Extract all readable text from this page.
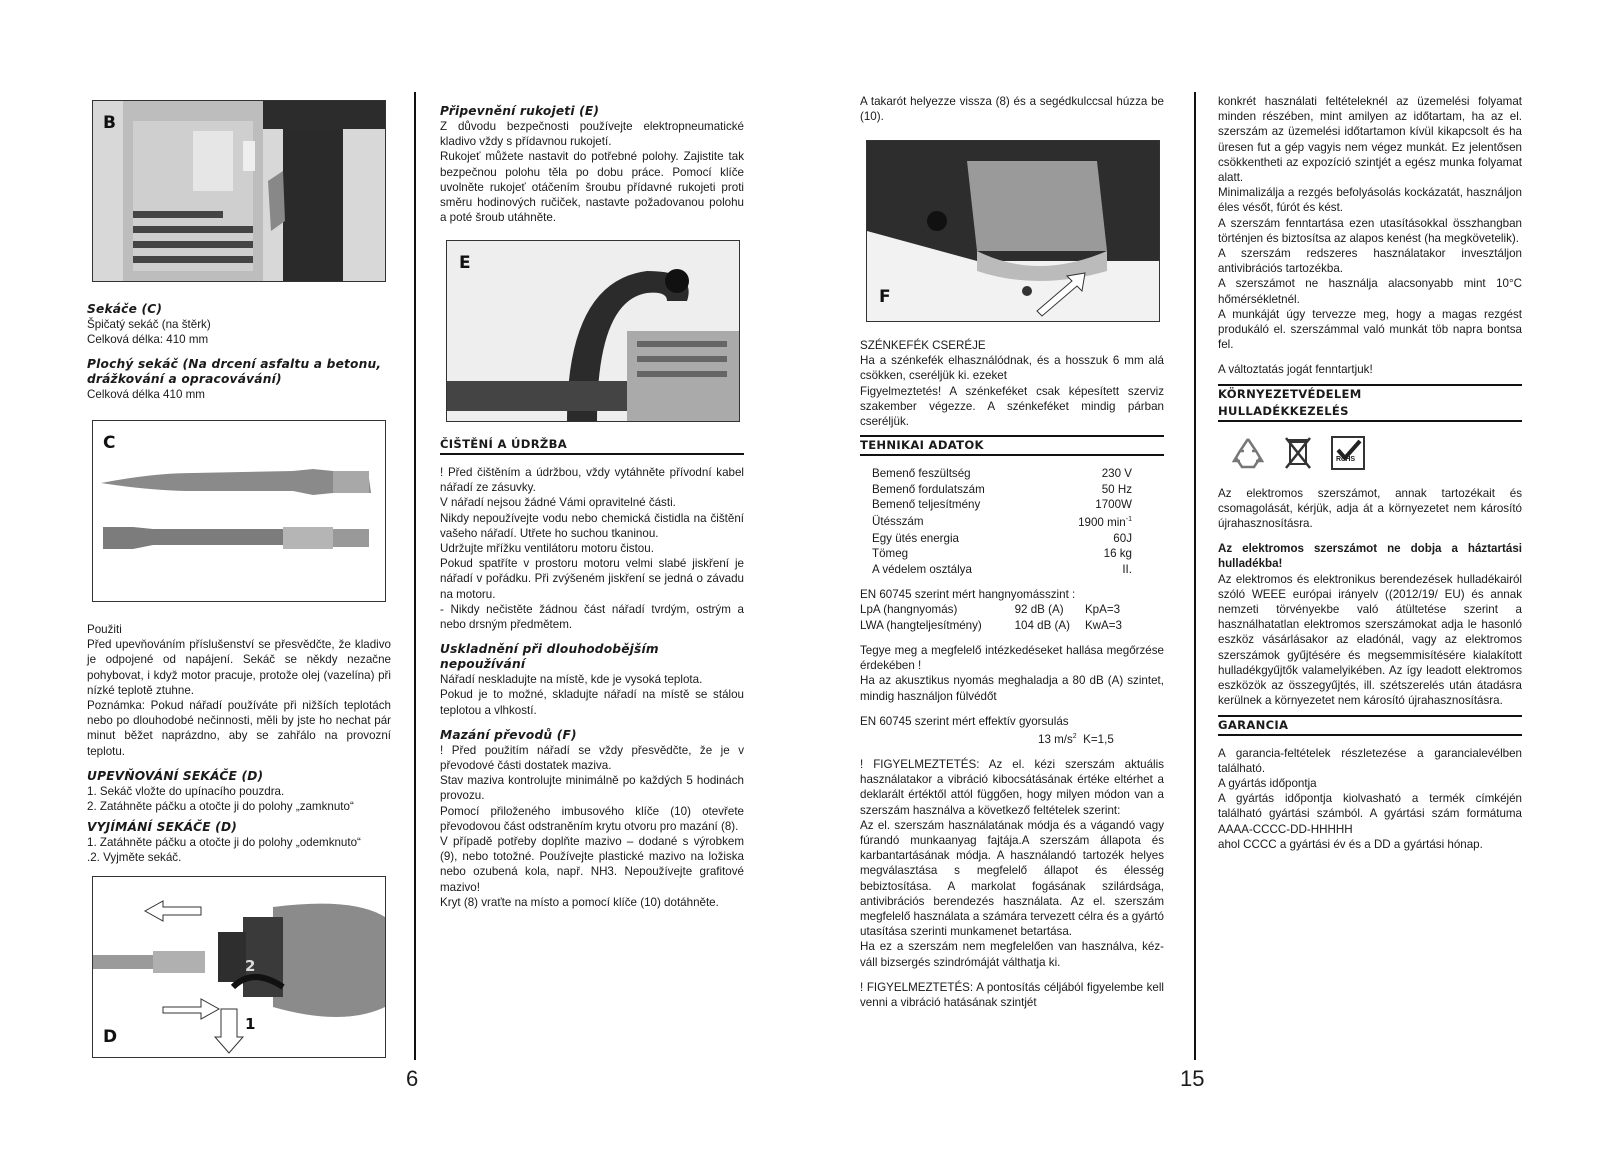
B
Sekáče (C)

Špičatý sekáč (na štěrk)

Celková délka: 410 mm

Plochý sekáč (Na drcení asfaltu a betonu,
drážkování a opracovávání)

Celková délka 410 mm

C

Použiti

Před upevňováním příslušenství se přesvědčte, že kladivo je odpojené od napájení. Sekáč se někdy nezačne pohybovat, i když motor pracuje, protože olej (vazelína) při nízké teplotě ztuhne.

Poznámka: Pokud nářadí používáte při nižších teplotách nebo po dlouhodobé nečinnosti, měli by jste ho nechat pár minut běžet naprázdno, aby se zahřálo na provozní teplotu.

UPEVŇOVÁNÍ SEKÁČE (D)

1. Sekáč vložte do upínacího pouzdra.

2. Zatáhněte páčku a otočte ji do polohy „zamknuto“

VYJÍMÁNÍ SEKÁČE (D)

1. Zatáhněte páčku a otočte ji do polohy „odemknuto“

.2. Vyjměte sekáč.

D
2
1
6
Připevnění rukojeti (E)

Z důvodu bezpečnosti používejte elektropneumatické kladivo vždy s přídavnou rukojetí.

Rukojeť můžete nastavit do potřebné polohy. Zajistite tak bezpečnou polohu těla po dobu práce. Pomocí klíče uvolněte rukojeť otáčením šroubu přídavné rukojeti proti směru hodinových ručiček, nastavte požadovanou polohu a poté šroub utáhněte.

E
ČIŠTĚNÍ A ÚDRŽBA

! Před čištěním a údržbou, vždy vytáhněte přívodní kabel nářadí ze zásuvky.

V nářadí nejsou žádné Vámi opravitelné části.

Nikdy nepoužívejte vodu nebo chemická čistidla na čištění vašeho nářadí. Utřete ho suchou tkaninou.

Udržujte mřížku ventilátoru motoru čistou.

Pokud spatříte v prostoru motoru velmi slabé jiskření je nářadí v pořádku. Při zvýšeném jiskření se jedná o závadu na motoru.

- Nikdy nečistěte žádnou část nářadí tvrdým, ostrým a nebo drsným předmětem.

Uskladnění při dlouhodobějším
nepoužívání

Nářadí neskladujte na místě, kde je vysoká teplota.

Pokud je to možné, skladujte nářadí na místě se stálou teplotou a vlhkostí.

Mazání převodů (F)

! Před použitím nářadí se vždy přesvědčte, že je v převodové části dostatek maziva.

Stav maziva kontrolujte minimálně po každých 5 hodinách provozu.

Pomocí přiloženého imbusového klíče (10) otevřete převodovou část odstraněním krytu otvoru pro mazání (8).

V případě potřeby doplňte mazivo – dodané s výrobkem (9), nebo totožné. Používejte plastické mazivo na ložiska nebo ozubená kola, např. NH3. Nepoužívejte grafitové mazivo!

Kryt (8) vraťte na místo a pomocí klíče (10) dotáhněte.

A takarót helyezze vissza (8) és a segédkulccsal húzza be (10).

F

SZÉNKEFÉK CSERÉJE

Ha a szénkefék elhasználódnak, és a hosszuk 6 mm alá csökken, cseréljük ki. ezeket

Figyelmeztetés! A szénkeféket csak képesített szerviz szakember végezze. A szénkeféket mindig párban cseréljük.

TEHNIKAI ADATOK
Bemenő feszültség	230 V
Bemenő fordulatszám	50 Hz
Bemenő teljesítmény	1700W
Ütésszám	1900 $\min^{-1}$
Egy ütés energia	60J
Tömeg	16 kg
A védelem osztálya	II.

EN 60745 szerint mért hangnyomásszint :

LpA (hangnyomás)	92 dB (A)	KpA=3
LWA (hangteljesítmény)	104 dB (A)	KwA=3

Tegye meg a megfelelő intézkedéseket hallása megőrzése érdekében !

Ha az akusztikus nyomás meghaladja a 80 dB (A) szintet, mindig használjon fülvédőt

EN 60745 szerint mért effektív gyorsulás

13 $m/s^2$ K=1,5

! FIGYELMEZTETÉS: Az el. kézi szerszám aktuális használatakor a vibráció kibocsátásának értéke eltérhet a deklarált értéktől attól függően, hogy milyen módon van a szerszám használva a következő feltételek szerint:

Az el. szerszám használatának módja és a vágandó vagy fúrandó munkaanyag fajtája.A szerszám állapota és karbantartásának módja. A használandó tartozék helyes megválasztása s megfelelő állapot és élesség bebiztosítása. A markolat fogásának szilárdsága, antivibrációs berendezés használata. Az el. szerszám megfelelő használata a számára tervezett célra és a gyártó utasítása szerinti munkamenet betartása.

Ha ez a szerszám nem megfelelően van használva, kéz-váll bizsergés szindrómáját válthatja ki.

! FIGYELMEZTETÉS: A pontosítás céljából figyelembe kell venni a vibráció hatásának szintjét

15

konkrét használati feltételeknél az üzemelési folyamat minden részében, mint amilyen az időtartam, ha az el. szerszám az üzemelési időtartamon kívül kikapcsolt és ha üresen fut a gép vagyis nem végez munkát. Ez jelentősen csökkentheti az expozíció szintjét a egész munka folyamat alatt.

Minimalizálja a rezgés befolyásolás kockázatát, használjon éles vésőt, fúrót és kést.

A szerszám fenntartása ezen utasításokkal összhangban történjen és biztosítsa az alapos kenést (ha megkövetelik).

A szerszám redszeres használatakor invesztáljon antivibrációs tartozékba.

A szerszámot ne használja alacsonyabb mint 10°C hőmérsékletnél.

A munkáját úgy tervezze meg, hogy a magas rezgést produkáló el. szerszámmal való munkát töb napra bontsa fel.

A változtatás jogát fenntartjuk!

KÖRNYEZETVÉDELEM
HULLADÉKKEZELÉS
RoHS

Az elektromos szerszámot, annak tartozékait és csomagolását, kérjük, adja át a környezetet nem károsító újrahasznosításra.

Az elektromos szerszámot ne dobja a háztartási hulladékba!

Az elektromos és elektronikus berendezések hulladékairól szóló WEEE európai irányelv ((2012/19/ EU) és annak nemzeti törvényekbe való átültetése szerint a használhatatlan elektromos szerszámokat adja le hasonló eszköz vásárlásakor az eladónál, vagy az elektromos szerszámok gyűjtésére és megsemmisítésére kialakított hulladékgyűjtők valamelyikében. Az így leadott elektromos eszközök az összegyűjtés, ill. szétszerelés után átadásra kerülnek a környezetet nem károsító újrahasznosításra.

GARANCIA

A garancia-feltételek részletezése a garancialevélben található.

A gyártás időpontja

A gyártás időpontja kiolvasható a termék címkéjén található gyártási számból. A gyártási szám formátuma AAAA-CCCC-DD-HHHHH

ahol CCCC a gyártási év és a DD a gyártási hónap.
